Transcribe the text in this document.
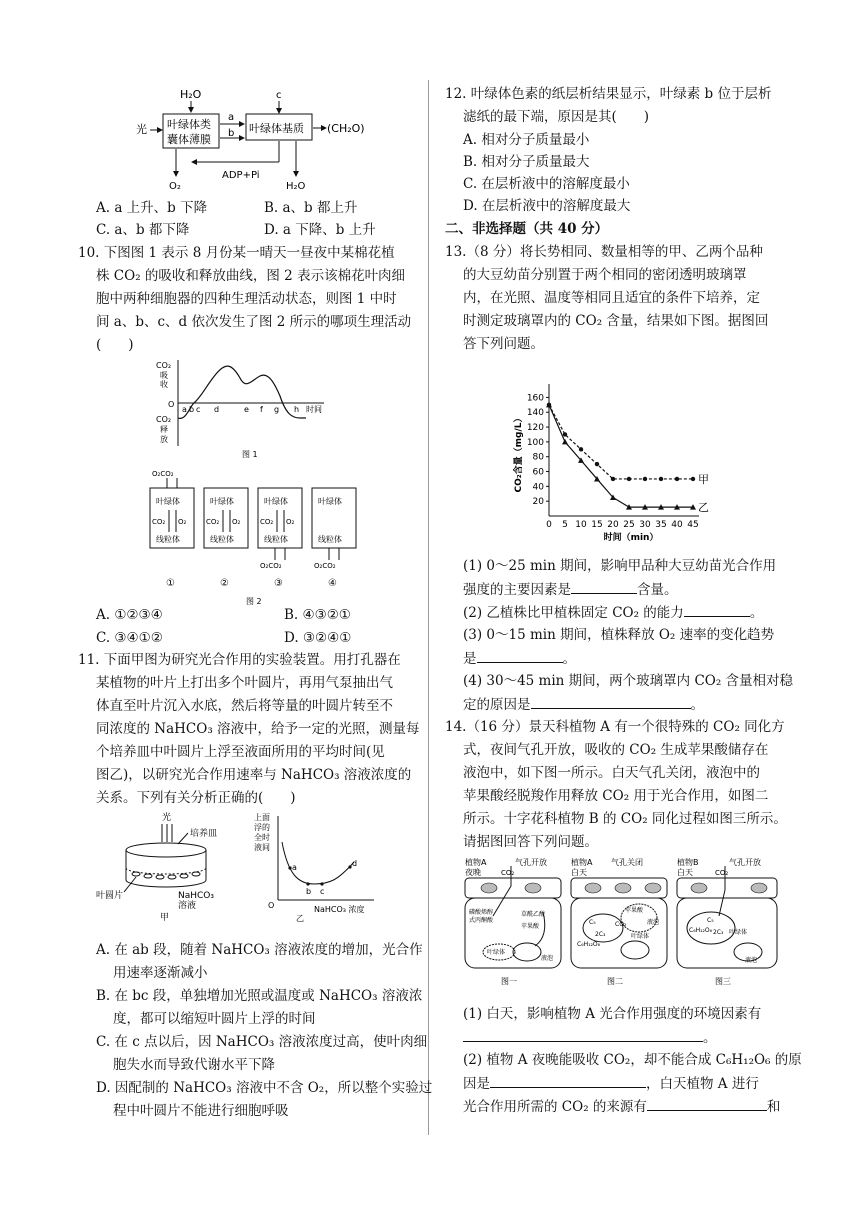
H₂O
光 叶绿体类
囊体薄膜
a
b
c
叶绿体基质 (CH₂O)
ADP+Pi
O₂	H₂O
A. a 上升、b 下降	B. a、b 都上升
C. a、b 都下降	D. a 下降、b 上升
10. 下图图 1 表示 8 月份某一晴天一昼夜中某棉花植
株 CO₂ 的吸收和释放曲线，图 2 表示该棉花叶肉细
胞中两种细胞器的四种生理活动状态，则图 1 中时
间 a、b、c、d 依次发生了图 2 所示的哪项生理活动
(　　)
CO₂
吸
收
O
CO₂
释
放
a b c d	e f g h 时间
图 1
叶绿体
线粒体
CO₂ O₂
O₂CO₂
①
叶绿体
线粒体
CO₂ O₂
②
叶绿体
线粒体
CO₂ O₂
O₂CO₂
③
叶绿体
线粒体
O₂CO₂
④
图 2
A. ①②③④	B. ④③②①
C. ③④①②	D. ③②④①
11. 下面甲图为研究光合作用的实验装置。用打孔器在
某植物的叶片上打出多个叶圆片，再用气泵抽出气
体直至叶片沉入水底，然后将等量的叶圆片转至不
同浓度的 NaHCO₃ 溶液中，给予一定的光照，测量每
个培养皿中叶圆片上浮至液面所用的平均时间(见
图乙)，以研究光合作用速率与 NaHCO₃ 溶液浓度的
关系。下列有关分析正确的(　　)
光
培养皿
叶圆片	NaHCO₃
溶液
甲
上面
浮的
全时
液间
O
a
b c
d
NaHCO₃ 浓度
乙
A. 在 ab 段，随着 NaHCO₃ 溶液浓度的增加，光合作
用速率逐渐减小
B. 在 bc 段，单独增加光照或温度或 NaHCO₃ 溶液浓
度，都可以缩短叶圆片上浮的时间
C. 在 c 点以后，因 NaHCO₃ 溶液浓度过高，使叶肉细
胞失水而导致代谢水平下降
D. 因配制的 NaHCO₃ 溶液中不含 O₂，所以整个实验过
程中叶圆片不能进行细胞呼吸
12. 叶绿体色素的纸层析结果显示，叶绿素 b 位于层析
滤纸的最下端，原因是其(　　)
A. 相对分子质量最小
B. 相对分子质量最大
C. 在层析液中的溶解度最小
D. 在层析液中的溶解度最大
二、非选择题（共 40 分）
13.（8 分）将长势相同、数量相等的甲、乙两个品种
的大豆幼苗分别置于两个相同的密闭透明玻璃罩
内，在光照、温度等相同且适宜的条件下培养，定
时测定玻璃罩内的 CO₂ 含量，结果如下图。据图回
答下列问题。
20
40
60
80
100
120
140
160
0 5 10 15 20 25 30 35 40 45
时间（min）
CO₂含量（mg/L）	甲
乙
(1) 0～25 min 期间，影响甲品种大豆幼苗光合作用
强度的主要因素是	含量。
(2) 乙植株比甲植株固定 CO₂ 的能力	。
(3) 0～15 min 期间，植株释放 O₂ 速率的变化趋势
是	。
(4) 30～45 min 期间，两个玻璃罩内 CO₂ 含量相对稳
定的原因是	。
14.（16 分）景天科植物 A 有一个很特殊的 CO₂ 同化方
式，夜间气孔开放，吸收的 CO₂ 生成苹果酸储存在
液泡中，如下图一所示。白天气孔关闭，液泡中的
苹果酸经脱羧作用释放 CO₂ 用于光合作用，如图二
所示。十字花科植物 B 的 CO₂ 同化过程如图三所示。
请据图回答下列问题。
植物A
夜晚
气孔开放
CO₂
植物A
白天
气孔关闭	植物B
白天
气孔开放
CO₂
磷酸烯醇
式丙酮酸
草酰乙酸
苹果酸
叶绿体
液泡
苹果酸
CO₂
C₅
2C₃
C₆H₁₂O₆
叶绿体
液泡	C₅
2C₃
C₆H₁₂O₆	叶绿体
液泡
图一	图二	图三
(1) 白天，影响植物 A 光合作用强度的环境因素有
。
(2) 植物 A 夜晚能吸收 CO₂，却不能合成 C₆H₁₂O₆ 的原
因是	，白天植物 A 进行
光合作用所需的 CO₂ 的来源有	和
